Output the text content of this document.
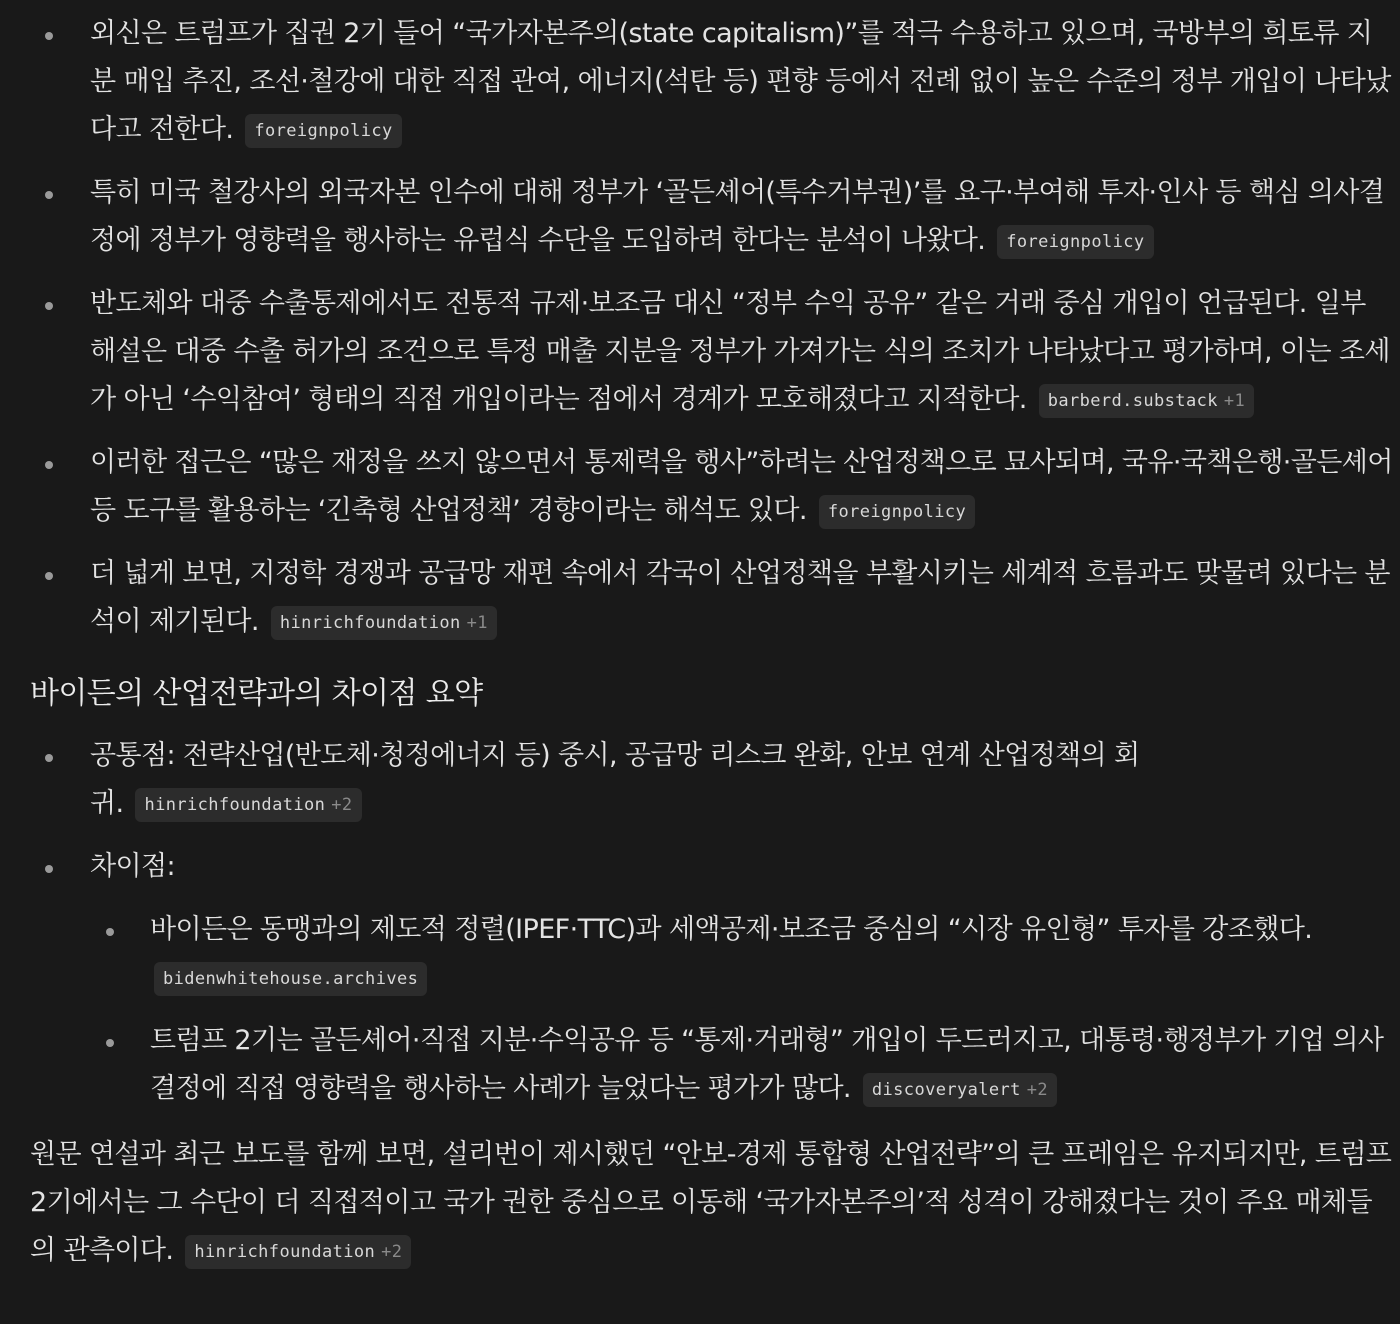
외신은 트럼프가 집권 2기 들어 “국가자본주의(state capitalism)”를 적극 수용하고 있으며, 국방부의 희토류 지분 매입 추진, 조선·철강에 대한 직접 관여, 에너지(석탄 등) 편향 등에서 전례 없이 높은 수준의 정부 개입이 나타났다고 전한다. foreignpolicy
특히 미국 철강사의 외국자본 인수에 대해 정부가 ‘골든셰어(특수거부권)’를 요구·부여해 투자·인사 등 핵심 의사결정에 정부가 영향력을 행사하는 유럽식 수단을 도입하려 한다는 분석이 나왔다. foreignpolicy
반도체와 대중 수출통제에서도 전통적 규제·보조금 대신 “정부 수익 공유” 같은 거래 중심 개입이 언급된다. 일부 해설은 대중 수출 허가의 조건으로 특정 매출 지분을 정부가 가져가는 식의 조치가 나타났다고 평가하며, 이는 조세가 아닌 ‘수익참여’ 형태의 직접 개입이라는 점에서 경계가 모호해졌다고 지적한다. barberd.substack +1
이러한 접근은 “많은 재정을 쓰지 않으면서 통제력을 행사”하려는 산업정책으로 묘사되며, 국유·국책은행·골든셰어 등 도구를 활용하는 ‘긴축형 산업정책’ 경향이라는 해석도 있다. foreignpolicy
더 넓게 보면, 지정학 경쟁과 공급망 재편 속에서 각국이 산업정책을 부활시키는 세계적 흐름과도 맞물려 있다는 분석이 제기된다. hinrichfoundation +1
바이든의 산업전략과의 차이점 요약
공통점: 전략산업(반도체·청정에너지 등) 중시, 공급망 리스크 완화, 안보 연계 산업정책의 회귀. hinrichfoundation +2
차이점:
바이든은 동맹과의 제도적 정렬(IPEF·TTC)과 세액공제·보조금 중심의 “시장 유인형” 투자를 강조했다. bidenwhitehouse.archives
트럼프 2기는 골든셰어·직접 지분·수익공유 등 “통제·거래형” 개입이 두드러지고, 대통령·행정부가 기업 의사결정에 직접 영향력을 행사하는 사례가 늘었다는 평가가 많다. discoveryalert +2

원문 연설과 최근 보도를 함께 보면, 설리번이 제시했던 “안보-경제 통합형 산업전략”의 큰 프레임은 유지되지만, 트럼프 2기에서는 그 수단이 더 직접적이고 국가 권한 중심으로 이동해 ‘국가자본주의’적 성격이 강해졌다는 것이 주요 매체들의 관측이다. hinrichfoundation +2
